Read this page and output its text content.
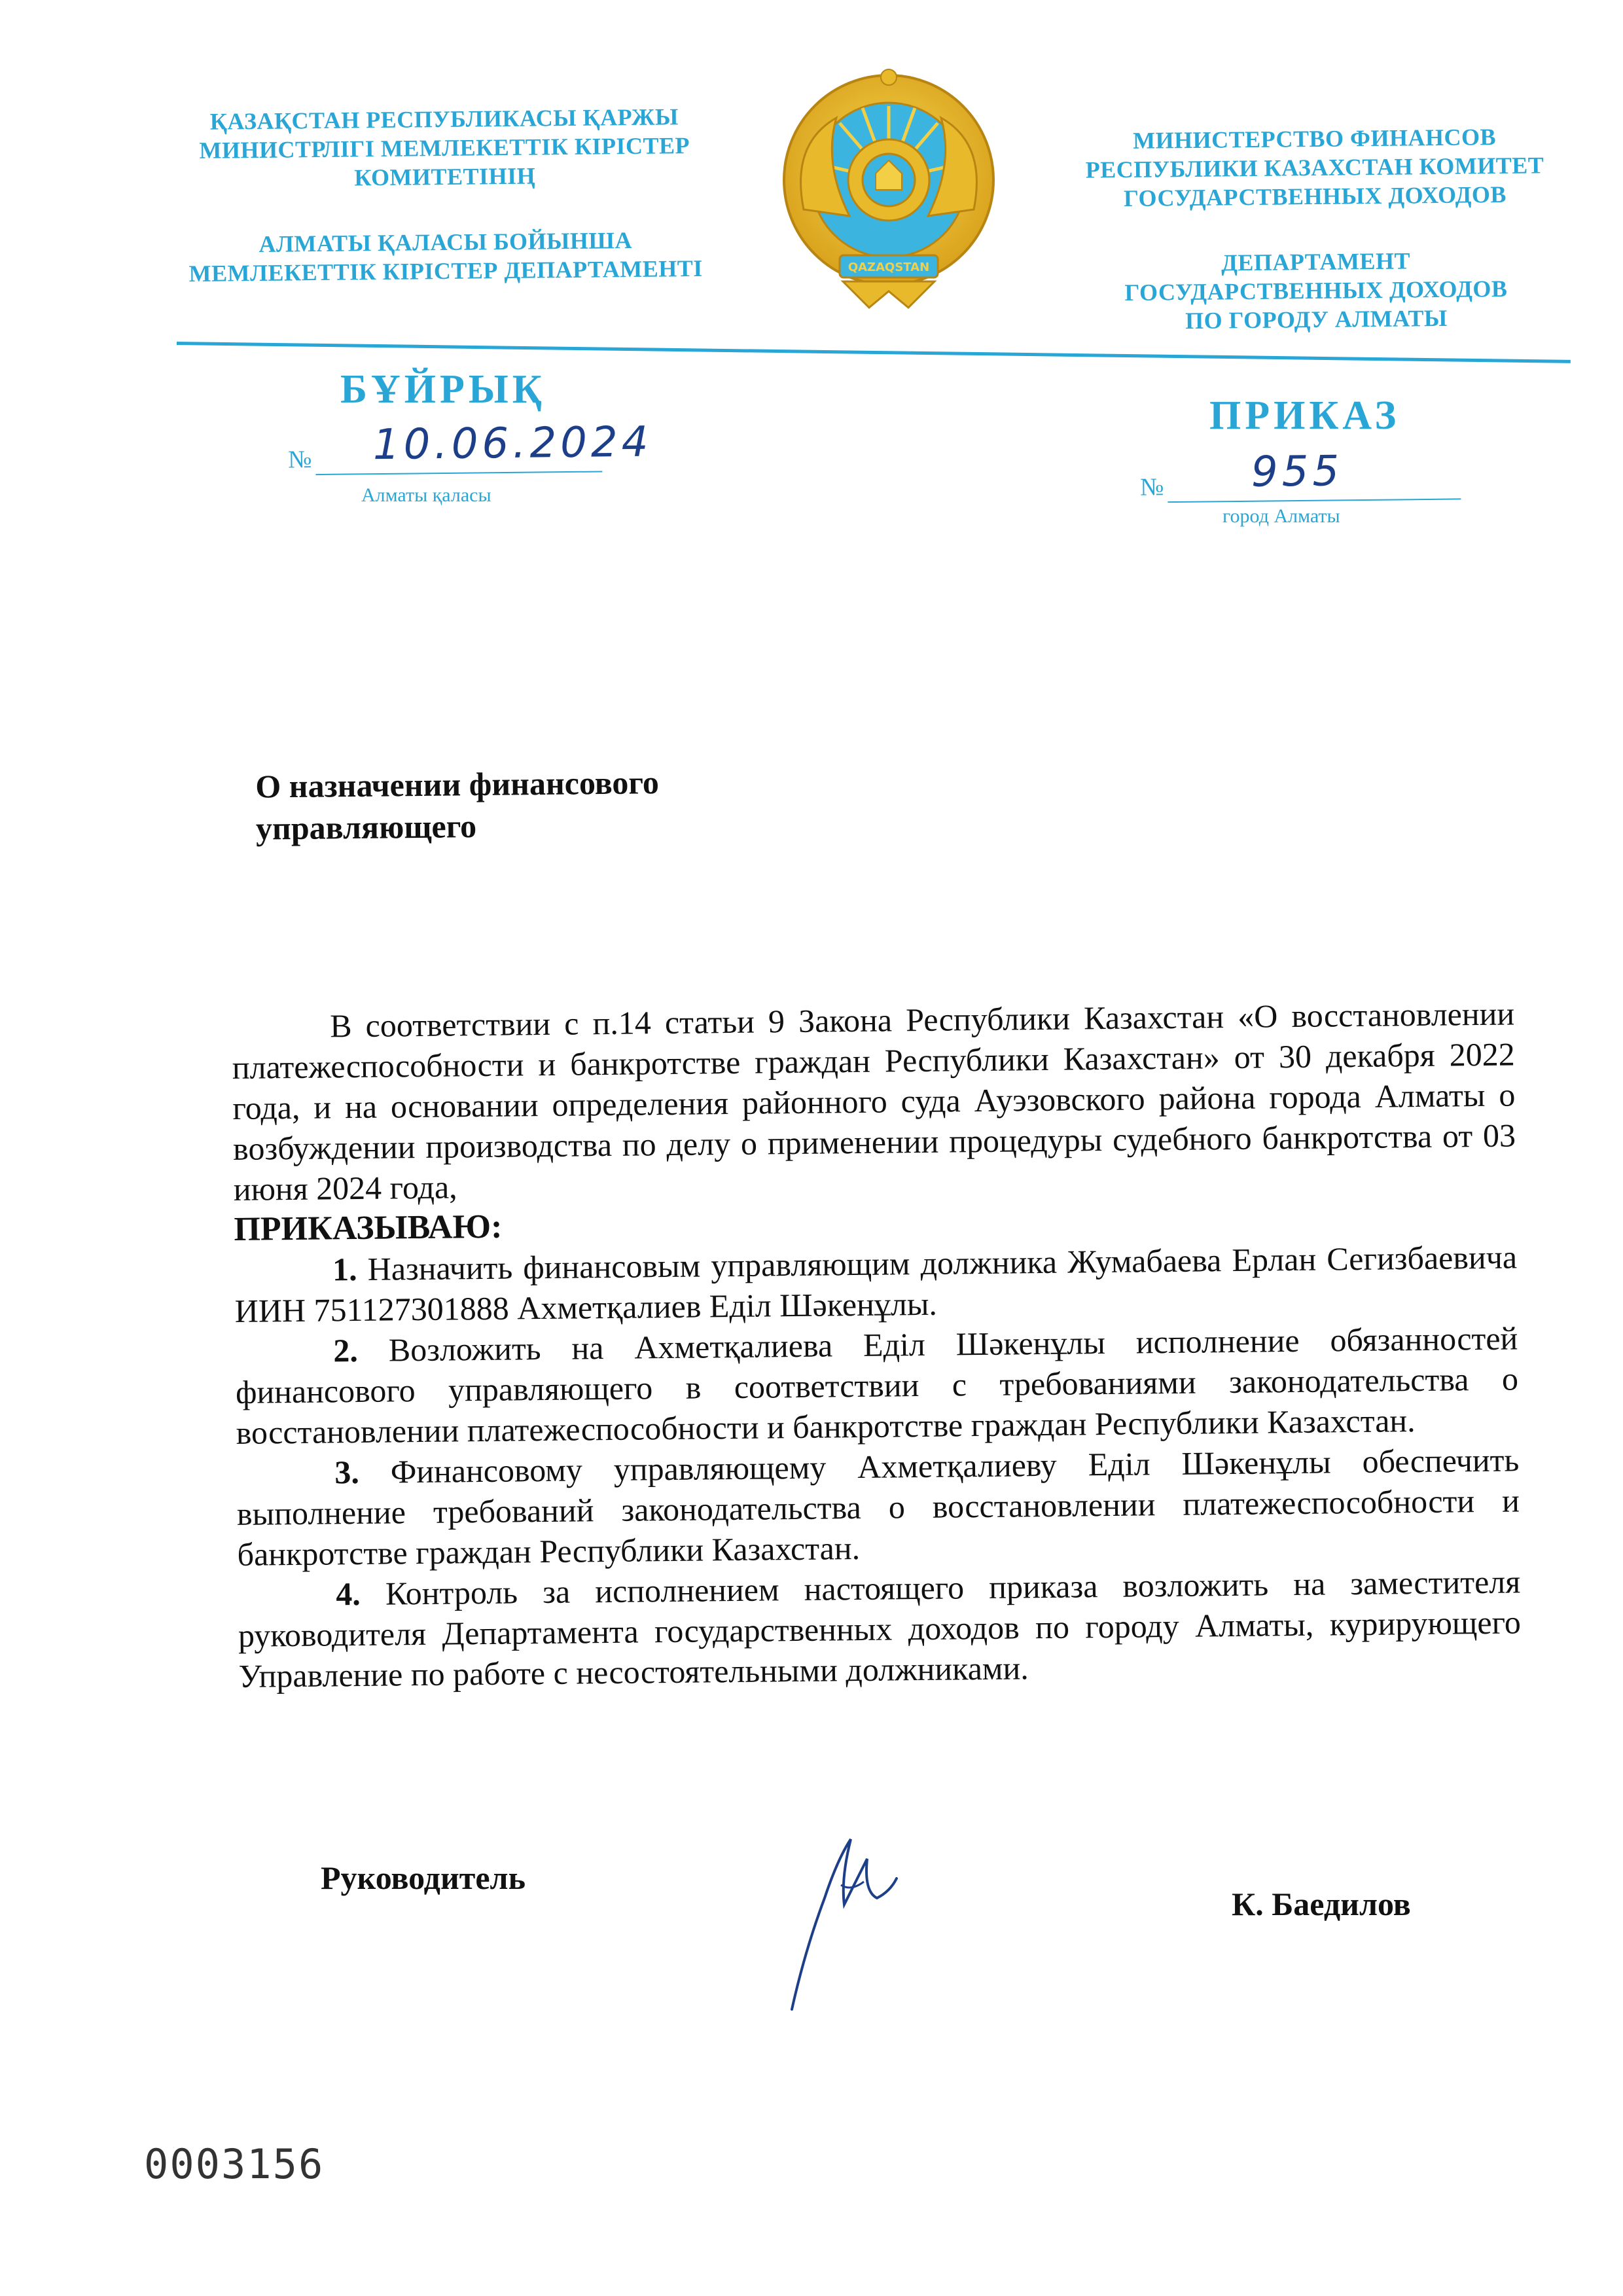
ҚАЗАҚСТАН РЕСПУБЛИКАСЫ ҚАРЖЫ
МИНИСТРЛІГІ МЕМЛЕКЕТТІК КІРІСТЕР
КОМИТЕТІНІҢ
АЛМАТЫ ҚАЛАСЫ БОЙЫНША
МЕМЛЕКЕТТІК КІРІСТЕР ДЕПАРТАМЕНТІ	QAZAQSTAN
МИНИСТЕРСТВО ФИНАНСОВ
РЕСПУБЛИКИ КАЗАХСТАН КОМИТЕТ
ГОСУДАРСТВЕННЫХ ДОХОДОВ
ДЕПАРТАМЕНТ
ГОСУДАРСТВЕННЫХ ДОХОДОВ
ПО ГОРОДУ АЛМАТЫ
БҰЙРЫҚ
ПРИКАЗ
№ 10.06.2024
№ 955
Алматы қаласы
город Алматы
О назначении финансового
управляющего

В соответствии с п.14 статьи 9 Закона Республики Казахстан «О восстановлении платежеспособности и банкротстве граждан Республики Казахстан» от 30 декабря 2022 года, и на основании определения районного суда Ауэзовского района города Алматы о возбуждении производства по делу о применении процедуры судебного банкротства от 03 июня 2024 года,

ПРИКАЗЫВАЮ:
1. Назначить финансовым управляющим должника Жумабаева Ерлан Сегизбаевича ИИН 751127301888 Ахметқалиев Еділ Шәкенұлы.
2. Возложить на Ахметқалиева Еділ Шәкенұлы исполнение обязанностей финансового управляющего в соответствии с требованиями законодательства о восстановлении платежеспособности и банкротстве граждан Республики Казахстан.
3. Финансовому управляющему Ахметқалиеву Еділ Шәкенұлы обеспечить выполнение требований законодательства о восстановлении платежеспособности и банкротстве граждан Республики Казахстан.
4. Контроль за исполнением настоящего приказа возложить на заместителя руководителя Департамента государственных доходов по городу Алматы, курирующего Управление по работе с несостоятельными должниками.
Руководитель
К. Баедилов
0003156
